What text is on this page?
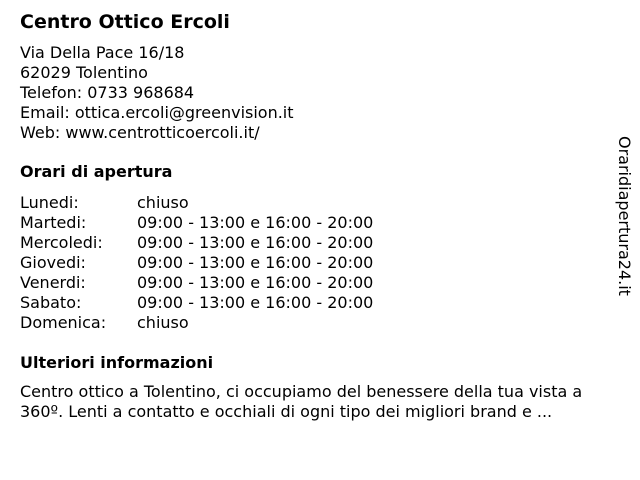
Centro Ottico Ercoli
Via Della Pace 16/18
62029 Tolentino
Telefon: 0733 968684
Email: ottica.ercoli@greenvision.it
Web: www.centrotticoercoli.it/
Orari di apertura
Lunedi:	chiuso
Martedi:	09:00 - 13:00 e 16:00 - 20:00
Mercoledi:	09:00 - 13:00 e 16:00 - 20:00
Giovedi:	09:00 - 13:00 e 16:00 - 20:00
Venerdi:	09:00 - 13:00 e 16:00 - 20:00
Sabato:	09:00 - 13:00 e 16:00 - 20:00
Domenica:	chiuso
Ulteriori informazioni
Centro ottico a Tolentino, ci occupiamo del benessere della tua vista a 360º. Lenti a contatto e occhiali di ogni tipo dei migliori brand e ...
Oraridiapertura24.it
